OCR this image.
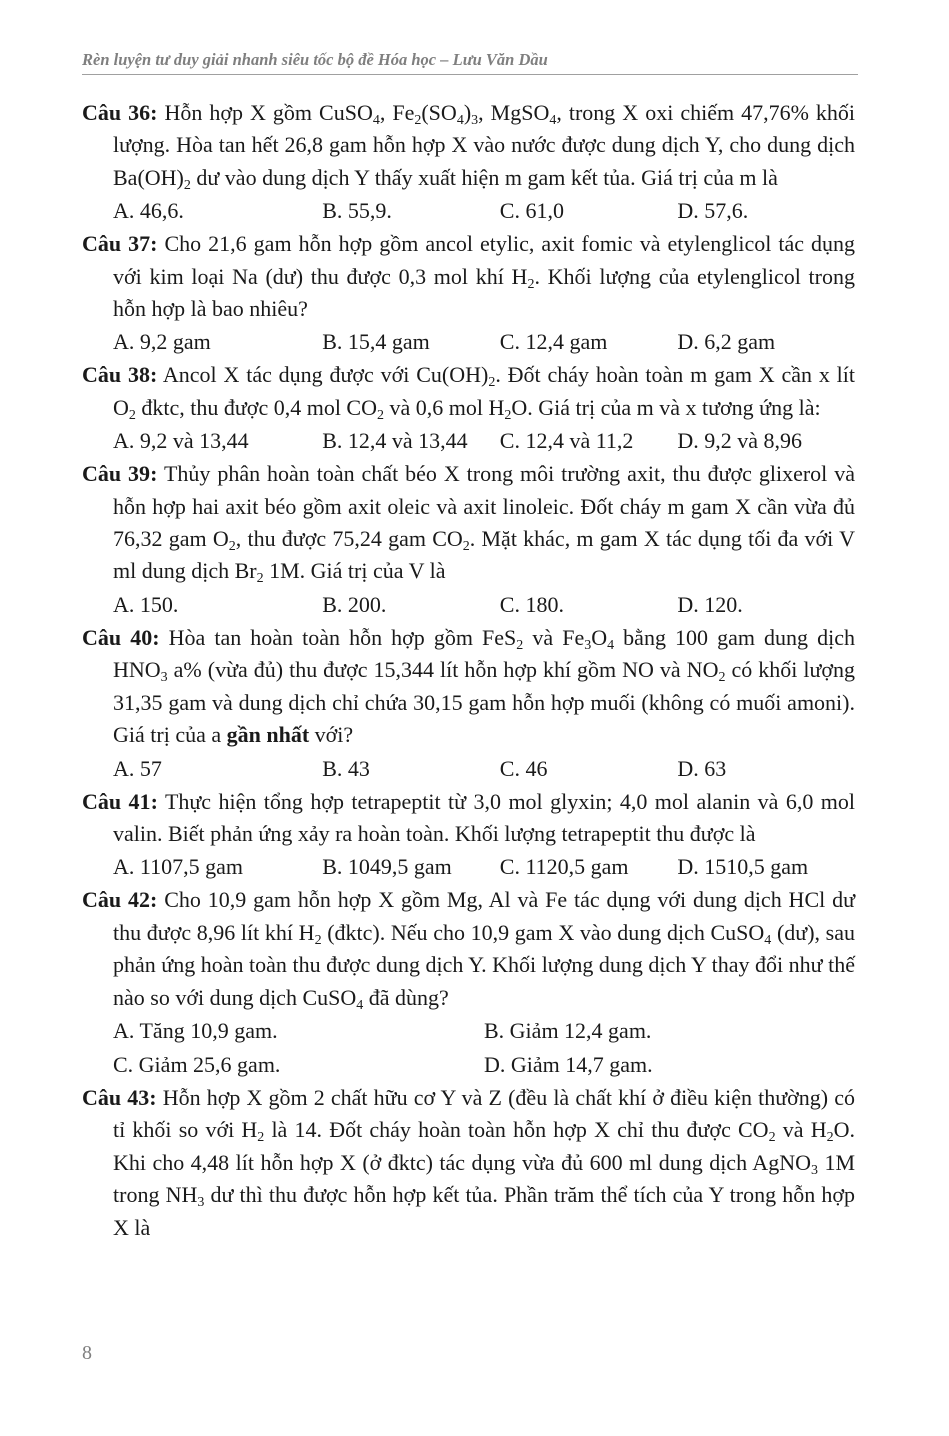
Rèn luyện tư duy giải nhanh siêu tốc bộ đề Hóa học – Lưu Văn Dầu
Câu 36: Hỗn hợp X gồm CuSO$_4$, $Fe_2(SO_4)_3$, MgSO$_4$, trong X oxi chiếm 47,76% khối lượng. Hòa tan hết 26,8 gam hỗn hợp X vào nước được dung dịch Y, cho dung dịch $Ba(OH)_2$ dư vào dung dịch Y thấy xuất hiện m gam kết tủa. Giá trị của m là
A. 46,6.	B. 55,9.	C. 61,0	D. 57,6.
Câu 37: Cho 21,6 gam hỗn hợp gồm ancol etylic, axit fomic và etylenglicol tác dụng với kim loại Na (dư) thu được 0,3 mol khí $H_2$. Khối lượng của etylenglicol trong hỗn hợp là bao nhiêu?
A. 9,2 gam	B. 15,4 gam	C. 12,4 gam	D. 6,2 gam
Câu 38: Ancol X tác dụng được với $Cu(OH)_2$. Đốt cháy hoàn toàn m gam X cần x lít $O_2$ đktc, thu được 0,4 mol $CO_2$ và 0,6 mol $H_2O$. Giá trị của m và x tương ứng là:
A. 9,2 và 13,44	B. 12,4 và 13,44	C. 12,4 và 11,2	D. 9,2 và 8,96
Câu 39: Thủy phân hoàn toàn chất béo X trong môi trường axit, thu được glixerol và hỗn hợp hai axit béo gồm axit oleic và axit linoleic. Đốt cháy m gam X cần vừa đủ 76,32 gam $O_2$, thu được 75,24 gam $CO_2$. Mặt khác, m gam X tác dụng tối đa với V ml dung dịch $Br_2$ 1M. Giá trị của V là
A. 150.	B. 200.	C. 180.	D. 120.
Câu 40: Hòa tan hoàn toàn hỗn hợp gồm FeS$_2$ và $Fe_3O_4$ bằng 100 gam dung dịch $HNO_3$ a% (vừa đủ) thu được 15,344 lít hỗn hợp khí gồm NO và $NO_2$ có khối lượng 31,35 gam và dung dịch chỉ chứa 30,15 gam hỗn hợp muối (không có muối amoni). Giá trị của a gần nhất với?
A. 57	B. 43	C. 46	D. 63
Câu 41: Thực hiện tổng hợp tetrapeptit từ 3,0 mol glyxin; 4,0 mol alanin và 6,0 mol valin. Biết phản ứng xảy ra hoàn toàn. Khối lượng tetrapeptit thu được là
A. 1107,5 gam	B. 1049,5 gam	C. 1120,5 gam	D. 1510,5 gam
Câu 42: Cho 10,9 gam hỗn hợp X gồm Mg, Al và Fe tác dụng với dung dịch HCl dư thu được 8,96 lít khí $H_2$ (đktc). Nếu cho 10,9 gam X vào dung dịch CuSO$_4$ (dư), sau phản ứng hoàn toàn thu được dung dịch Y. Khối lượng dung dịch Y thay đổi như thế nào so với dung dịch CuSO$_4$ đã dùng?
A. Tăng 10,9 gam.	B. Giảm 12,4 gam.
C. Giảm 25,6 gam.	D. Giảm 14,7 gam.
Câu 43: Hỗn hợp X gồm 2 chất hữu cơ Y và Z (đều là chất khí ở điều kiện thường) có tỉ khối so với $H_2$ là 14. Đốt cháy hoàn toàn hỗn hợp X chỉ thu được $CO_2$ và $H_2O$. Khi cho 4,48 lít hỗn hợp X (ở đktc) tác dụng vừa đủ 600 ml dung dịch AgNO$_3$ 1M trong $NH_3$ dư thì thu được hỗn hợp kết tủa. Phần trăm thể tích của Y trong hỗn hợp X là
8
